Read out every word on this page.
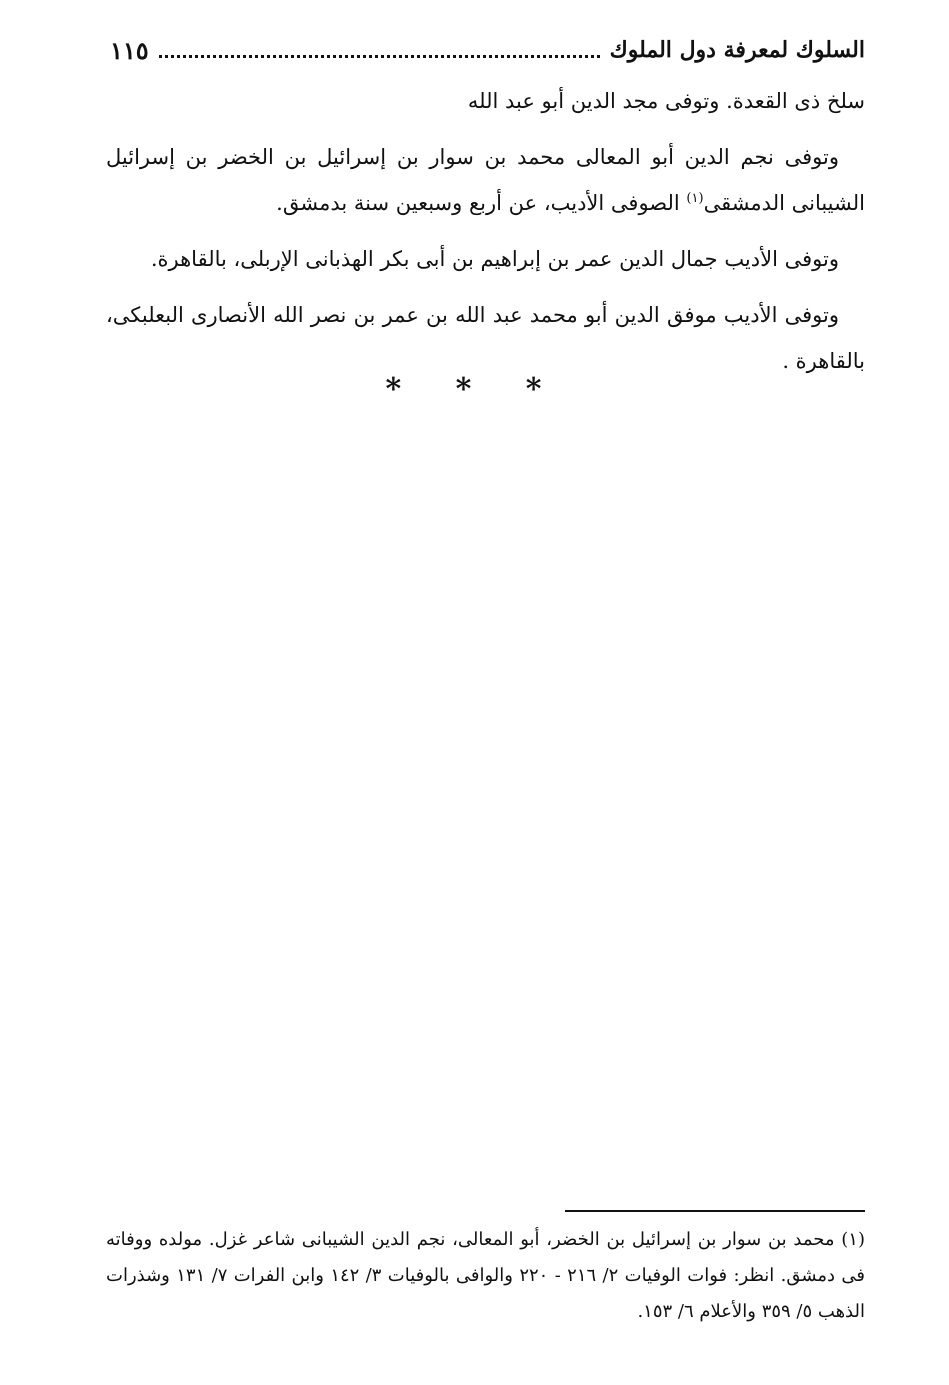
السلوك لمعرفة دول الملوك
١١٥

سلخ ذى القعدة. وتوفى مجد الدين أبو عبد الله

وتوفى نجم الدين أبو المعالى محمد بن سوار بن إسرائيل بن الخضر بن إسرائيل الشيبانى الدمشقى$^{(١)}$ الصوفى الأديب، عن أربع وسبعين سنة بدمشق.

وتوفى الأديب جمال الدين عمر بن إبراهيم بن أبى بكر الهذبانى الإربلى، بالقاهرة.

وتوفى الأديب موفق الدين أبو محمد عبد الله بن عمر بن نصر الله الأنصارى البعلبكى، بالقاهرة .

* * *

(١) محمد بن سوار بن إسرائيل بن الخضر، أبو المعالى، نجم الدين الشيبانى شاعر غزل. مولده ووفاته فى دمشق. انظر: فوات الوفيات ٢/ ٢١٦ - ٢٢٠ والوافى بالوفيات ٣/ ١٤٢ وابن الفرات ٧/ ١٣١ وشذرات الذهب ٥/ ٣٥٩ والأعلام ٦/ ١٥٣.
